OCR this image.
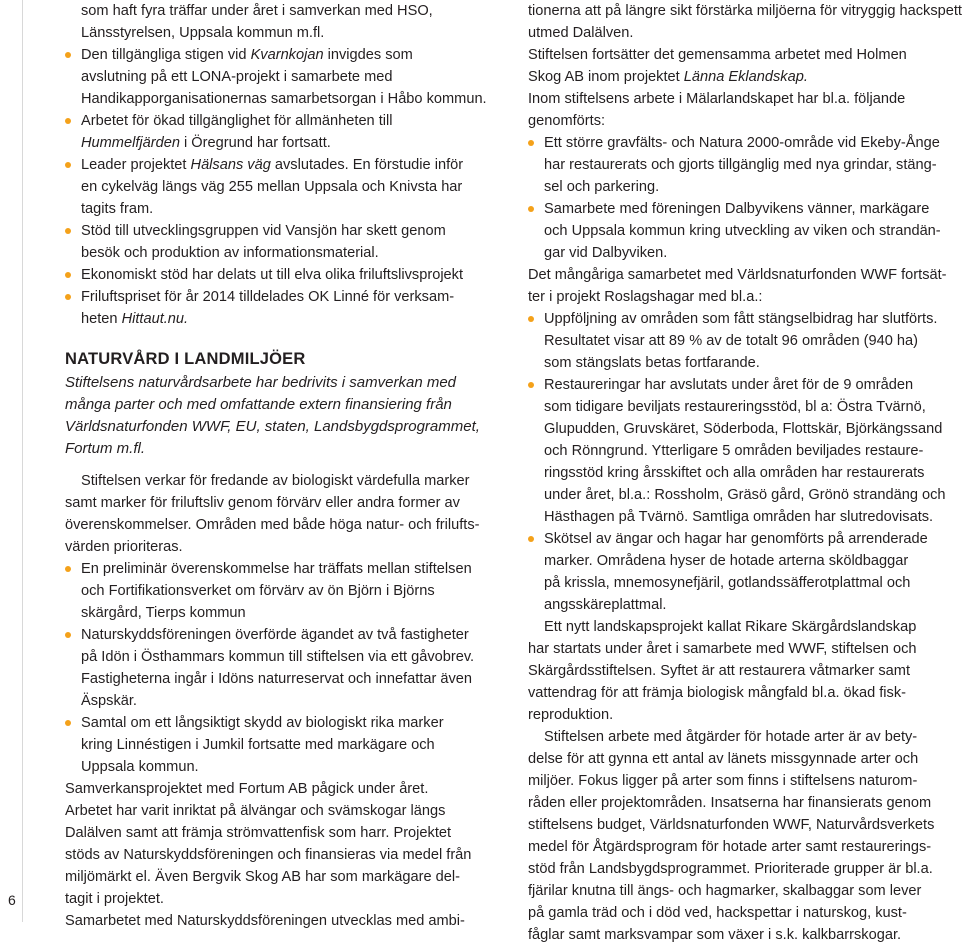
6
som haft fyra träffar under året i samverkan med HSO,
Länsstyrelsen, Uppsala kommun m.fl.
Den tillgängliga stigen vid Kvarnkojan invigdes som
avslutning på ett LONA-projekt i samarbete med
Handikapporganisationernas samarbetsorgan i Håbo kommun.
Arbetet för ökad tillgänglighet för allmänheten till
Hummelfjärden i Öregrund har fortsatt.
Leader projektet Hälsans väg avslutades. En förstudie inför
en cykelväg längs väg 255 mellan Uppsala och Knivsta har
tagits fram.
Stöd till utvecklingsgruppen vid Vansjön har skett genom
besök och produktion av informationsmaterial.
Ekonomiskt stöd har delats ut till elva olika friluftslivsprojekt
Friluftspriset för år 2014 tilldelades OK Linné för verksam-
heten Hittaut.nu.
NATURVÅRD I LANDMILJÖER
Stiftelsens naturvårdsarbete har bedrivits i samverkan med
många parter och med omfattande extern finansiering från
Världsnaturfonden WWF, EU, staten, Landsbygdsprogrammet,
Fortum m.fl.
Stiftelsen verkar för fredande av biologiskt värdefulla marker
samt marker för friluftsliv genom förvärv eller andra former av
överenskommelser. Områden med både höga natur- och frilufts-
värden prioriteras.
En preliminär överenskommelse har träffats mellan stiftelsen
och Fortifikationsverket om förvärv av ön Björn i Björns
skärgård, Tierps kommun
Naturskyddsföreningen överförde ägandet av två fastigheter
på Idön i Östhammars kommun till stiftelsen via ett gåvobrev.
Fastigheterna ingår i Idöns naturreservat och innefattar även
Äspskär.
Samtal om ett långsiktigt skydd av biologiskt rika marker
kring Linnéstigen i Jumkil fortsatte med markägare och
Uppsala kommun.
Samverkansprojektet med Fortum AB pågick under året.
Arbetet har varit inriktat på älvängar och svämskogar längs
Dalälven samt att främja strömvattenfisk som harr. Projektet
stöds av Naturskyddsföreningen och finansieras via medel från
miljömärkt el. Även Bergvik Skog AB har som markägare del-
tagit i projektet.
Samarbetet med Naturskyddsföreningen utvecklas med ambi-
tionerna att på längre sikt förstärka miljöerna för vitryggig hackspett
utmed Dalälven.
Stiftelsen fortsätter det gemensamma arbetet med Holmen
Skog AB inom projektet Länna Eklandskap.
Inom stiftelsens arbete i Mälarlandskapet har bl.a. följande
genomförts:
Ett större gravfälts- och Natura 2000-område vid Ekeby-Ånge
har restaurerats och gjorts tillgänglig med nya grindar, stäng-
sel och parkering.
Samarbete med föreningen Dalbyvikens vänner, markägare
och Uppsala kommun kring utveckling av viken och strandän-
gar vid Dalbyviken.
Det mångåriga samarbetet med Världsnaturfonden WWF fortsät-
ter i projekt Roslagshagar med bl.a.:
Uppföljning av områden som fått stängselbidrag har slutförts.
Resultatet visar att 89 % av de totalt 96 områden (940 ha)
som stängslats betas fortfarande.
Restaureringar har avslutats under året för de 9 områden
som tidigare beviljats restaureringsstöd, bl a: Östra Tvärnö,
Glupudden, Gruvskäret, Söderboda, Flottskär, Björkängssand
och Rönngrund. Ytterligare 5 områden beviljades restaure-
ringsstöd kring årsskiftet och alla områden har restaurerats
under året, bl.a.: Rossholm, Gräsö gård, Grönö strandäng och
Hästhagen på Tvärnö. Samtliga områden har slutredovisats.
Skötsel av ängar och hagar har genomförts på arrenderade
marker. Områdena hyser de hotade arterna sköldbaggar
på krissla, mnemosynefjäril, gotlandssäfferotplattmal och
angsskäreplattmal.
Ett nytt landskapsprojekt kallat Rikare Skärgårdslandskap
har startats under året i samarbete med WWF, stiftelsen och
Skärgårdsstiftelsen. Syftet är att restaurera våtmarker samt
vattendrag för att främja biologisk mångfald bl.a. ökad fisk-
reproduktion.
Stiftelsen arbete med åtgärder för hotade arter är av bety-
delse för att gynna ett antal av länets missgynnade arter och
miljöer. Fokus ligger på arter som finns i stiftelsens naturom-
råden eller projektområden. Insatserna har finansierats genom
stiftelsens budget, Världsnaturfonden WWF, Naturvårdsverkets
medel för Åtgärdsprogram för hotade arter samt restaurerings-
stöd från Landsbygdsprogrammet. Prioriterade grupper är bl.a.
fjärilar knutna till ängs- och hagmarker, skalbaggar som lever
på gamla träd och i död ved, hackspettar i naturskog, kust-
fåglar samt marksvampar som växer i s.k. kalkbarrskogar.
